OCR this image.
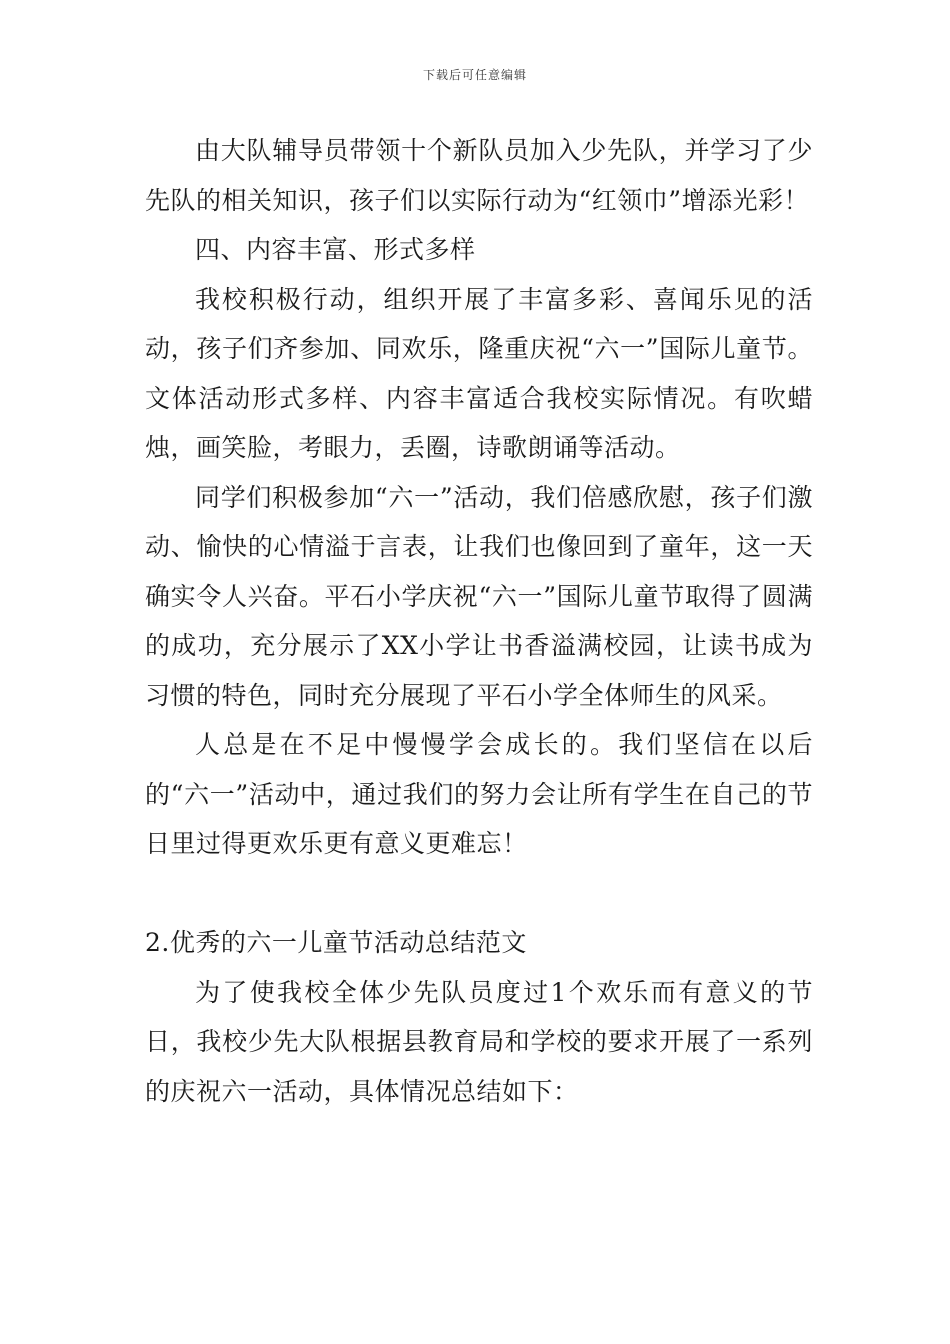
下载后可任意编辑

由大队辅导员带领十个新队员加入少先队，并学习了少先队的相关知识，孩子们以实际行动为“红领巾”增添光彩！

四、内容丰富、形式多样

我校积极行动，组织开展了丰富多彩、喜闻乐见的活动，孩子们齐参加、同欢乐，隆重庆祝“六一”国际儿童节。文体活动形式多样、内容丰富适合我校实际情况。有吹蜡烛，画笑脸，考眼力，丢圈，诗歌朗诵等活动。

同学们积极参加“六一”活动，我们倍感欣慰，孩子们激动、愉快的心情溢于言表，让我们也像回到了童年，这一天确实令人兴奋。平石小学庆祝“六一”国际儿童节取得了圆满的成功，充分展示了XX小学让书香溢满校园，让读书成为习惯的特色，同时充分展现了平石小学全体师生的风采。

人总是在不足中慢慢学会成长的。我们坚信在以后的“六一”活动中，通过我们的努力会让所有学生在自己的节日里过得更欢乐更有意义更难忘！

2.优秀的六一儿童节活动总结范文

为了使我校全体少先队员度过1个欢乐而有意义的节日，我校少先大队根据县教育局和学校的要求开展了一系列的庆祝六一活动，具体情况总结如下：
